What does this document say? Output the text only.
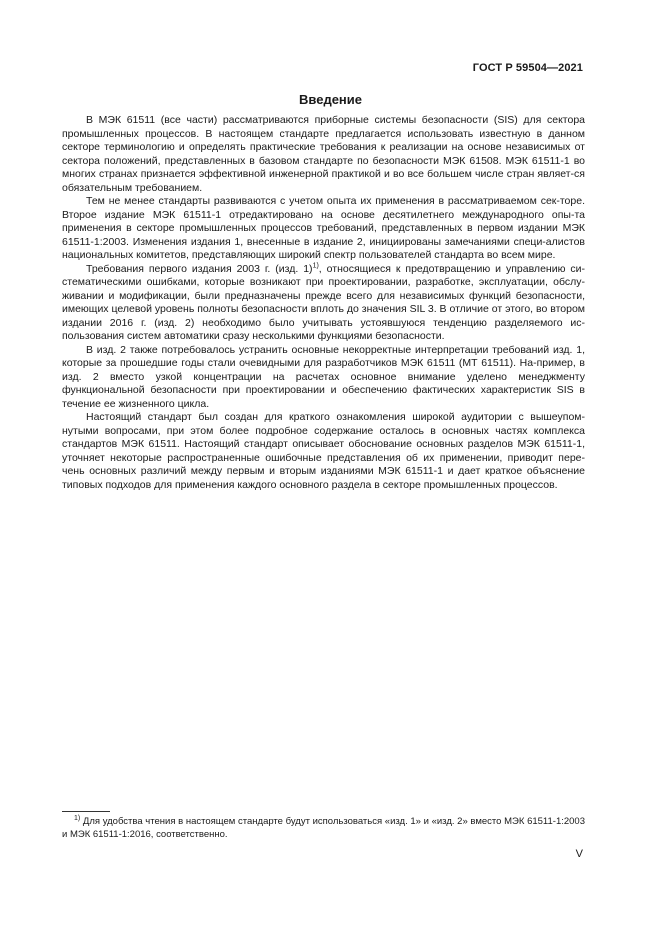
ГОСТ Р 59504—2021
Введение

В МЭК 61511 (все части) рассматриваются приборные системы безопасности (SIS) для сектора промышленных процессов. В настоящем стандарте предлагается использовать известную в данном секторе терминологию и определять практические требования к реализации на основе независимых от сектора положений, представленных в базовом стандарте по безопасности МЭК 61508. МЭК 61511-1 во многих странах признается эффективной инженерной практикой и во все большем числе стран являет-ся обязательным требованием.

Тем не менее стандарты развиваются с учетом опыта их применения в рассматриваемом сек-торе. Второе издание МЭК 61511-1 отредактировано на основе десятилетнего международного опы-та применения в секторе промышленных процессов требований, представленных в первом издании МЭК 61511-1:2003. Изменения издания 1, внесенные в издание 2, инициированы замечаниями специ-алистов национальных комитетов, представляющих широкий спектр пользователей стандарта во всем мире.

Требования первого издания 2003 г. (изд. 1)$^{1)}$, относящиеся к предотвращению и управлению си-стематическими ошибками, которые возникают при проектировании, разработке, эксплуатации, обслу-живании и модификации, были предназначены прежде всего для независимых функций безопасности, имеющих целевой уровень полноты безопасности вплоть до значения SIL 3. В отличие от этого, во втором издании 2016 г. (изд. 2) необходимо было учитывать устоявшуюся тенденцию разделяемого ис-пользования систем автоматики сразу несколькими функциями безопасности.

В изд. 2 также потребовалось устранить основные некорректные интерпретации требований изд. 1, которые за прошедшие годы стали очевидными для разработчиков МЭК 61511 (МТ 61511). На-пример, в изд. 2 вместо узкой концентрации на расчетах основное внимание уделено менеджменту функциональной безопасности при проектировании и обеспечению фактических характеристик SIS в течение ее жизненного цикла.

Настоящий стандарт был создан для краткого ознакомления широкой аудитории с вышеупом-нутыми вопросами, при этом более подробное содержание осталось в основных частях комплекса стандартов МЭК 61511. Настоящий стандарт описывает обоснование основных разделов МЭК 61511-1, уточняет некоторые распространенные ошибочные представления об их применении, приводит пере-чень основных различий между первым и вторым изданиями МЭК 61511-1 и дает краткое объяснение типовых подходов для применения каждого основного раздела в секторе промышленных процессов.

$^{1)}$ Для удобства чтения в настоящем стандарте будут использоваться «изд. 1» и «изд. 2» вместо МЭК 61511-1:2003 и МЭК 61511-1:2016, соответственно.
V
